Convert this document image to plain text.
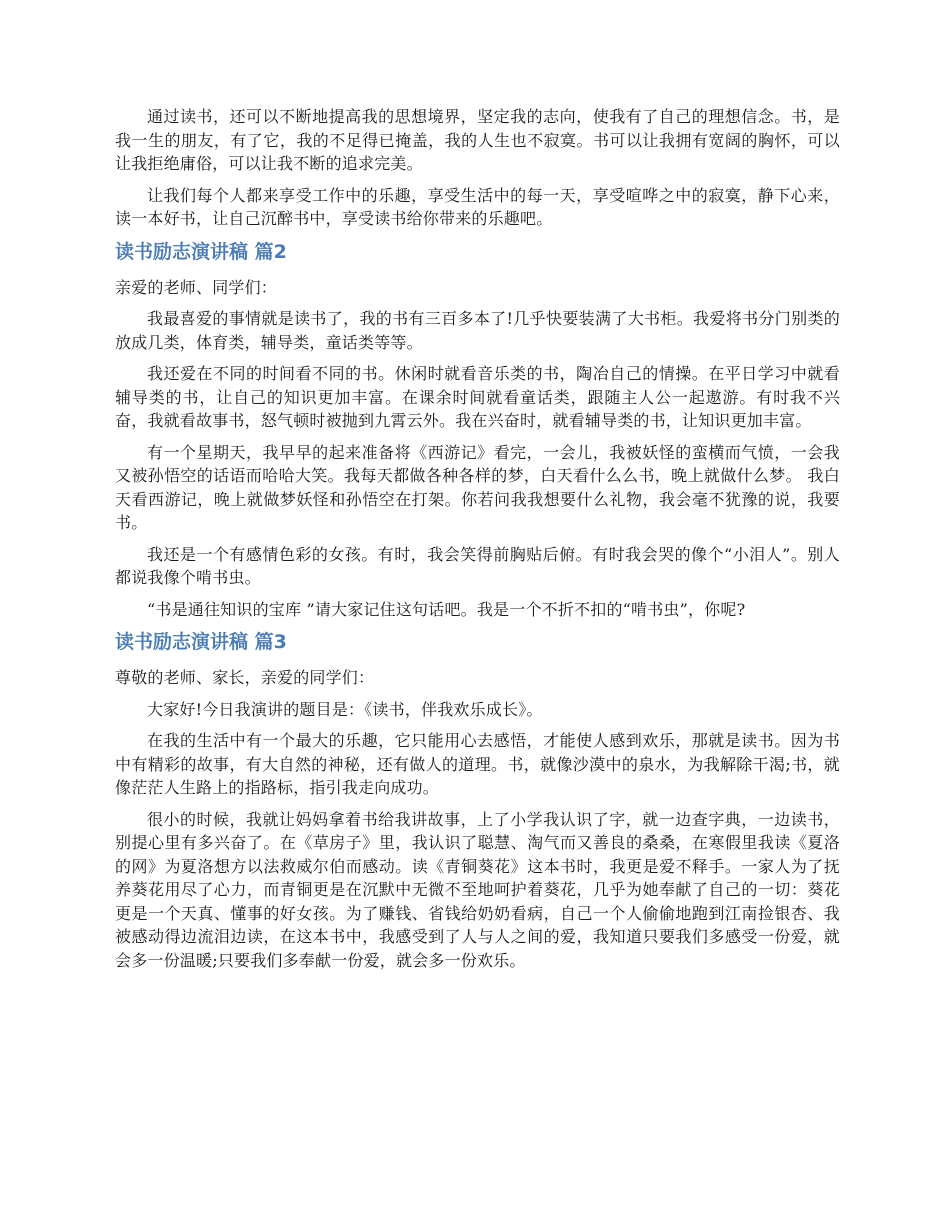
通过读书，还可以不断地提高我的思想境界，坚定我的志向，使我有了自己的理想信念。书，是我一生的朋友，有了它，我的不足得已掩盖，我的人生也不寂寞。书可以让我拥有宽阔的胸怀，可以让我拒绝庸俗，可以让我不断的追求完美。

让我们每个人都来享受工作中的乐趣，享受生活中的每一天，享受喧哗之中的寂寞，静下心来，读一本好书，让自己沉醉书中，享受读书给你带来的乐趣吧。

读书励志演讲稿 篇2

亲爱的老师、同学们：

我最喜爱的事情就是读书了，我的书有三百多本了!几乎快要装满了大书柜。我爱将书分门别类的放成几类，体育类，辅导类，童话类等等。

我还爱在不同的时间看不同的书。休闲时就看音乐类的书，陶冶自己的情操。在平日学习中就看辅导类的书，让自己的知识更加丰富。在课余时间就看童话类，跟随主人公一起遨游。有时我不兴奋，我就看故事书，怒气顿时被抛到九霄云外。我在兴奋时，就看辅导类的书，让知识更加丰富。

有一个星期天，我早早的起来准备将《西游记》看完，一会儿，我被妖怪的蛮横而气愤，一会我又被孙悟空的话语而哈哈大笑。我每天都做各种各样的梦，白天看什么么书，晚上就做什么梦。 我白天看西游记，晚上就做梦妖怪和孙悟空在打架。你若问我我想要什么礼物，我会毫不犹豫的说，我要书。

我还是一个有感情色彩的女孩。有时，我会笑得前胸贴后俯。有时我会哭的像个“小泪人”。别人都说我像个啃书虫。

“书是通往知识的宝库 ”请大家记住这句话吧。我是一个不折不扣的“啃书虫”，你呢?

读书励志演讲稿 篇3

尊敬的老师、家长，亲爱的同学们：

大家好!今日我演讲的题目是：《读书，伴我欢乐成长》。

在我的生活中有一个最大的乐趣，它只能用心去感悟，才能使人感到欢乐，那就是读书。因为书中有精彩的故事，有大自然的神秘，还有做人的道理。书，就像沙漠中的泉水，为我解除干渴;书，就像茫茫人生路上的指路标，指引我走向成功。

很小的时候，我就让妈妈拿着书给我讲故事，上了小学我认识了字，就一边查字典，一边读书，别提心里有多兴奋了。在《草房子》里，我认识了聪慧、淘气而又善良的桑桑，在寒假里我读《夏洛的网》为夏洛想方以法救威尔伯而感动。读《青铜葵花》这本书时，我更是爱不释手。一家人为了抚养葵花用尽了心力，而青铜更是在沉默中无微不至地呵护着葵花，几乎为她奉献了自己的一切：葵花更是一个天真、懂事的好女孩。为了赚钱、省钱给奶奶看病，自己一个人偷偷地跑到江南捡银杏、我被感动得边流泪边读，在这本书中，我感受到了人与人之间的爱，我知道只要我们多感受一份爱，就会多一份温暖;只要我们多奉献一份爱，就会多一份欢乐。
